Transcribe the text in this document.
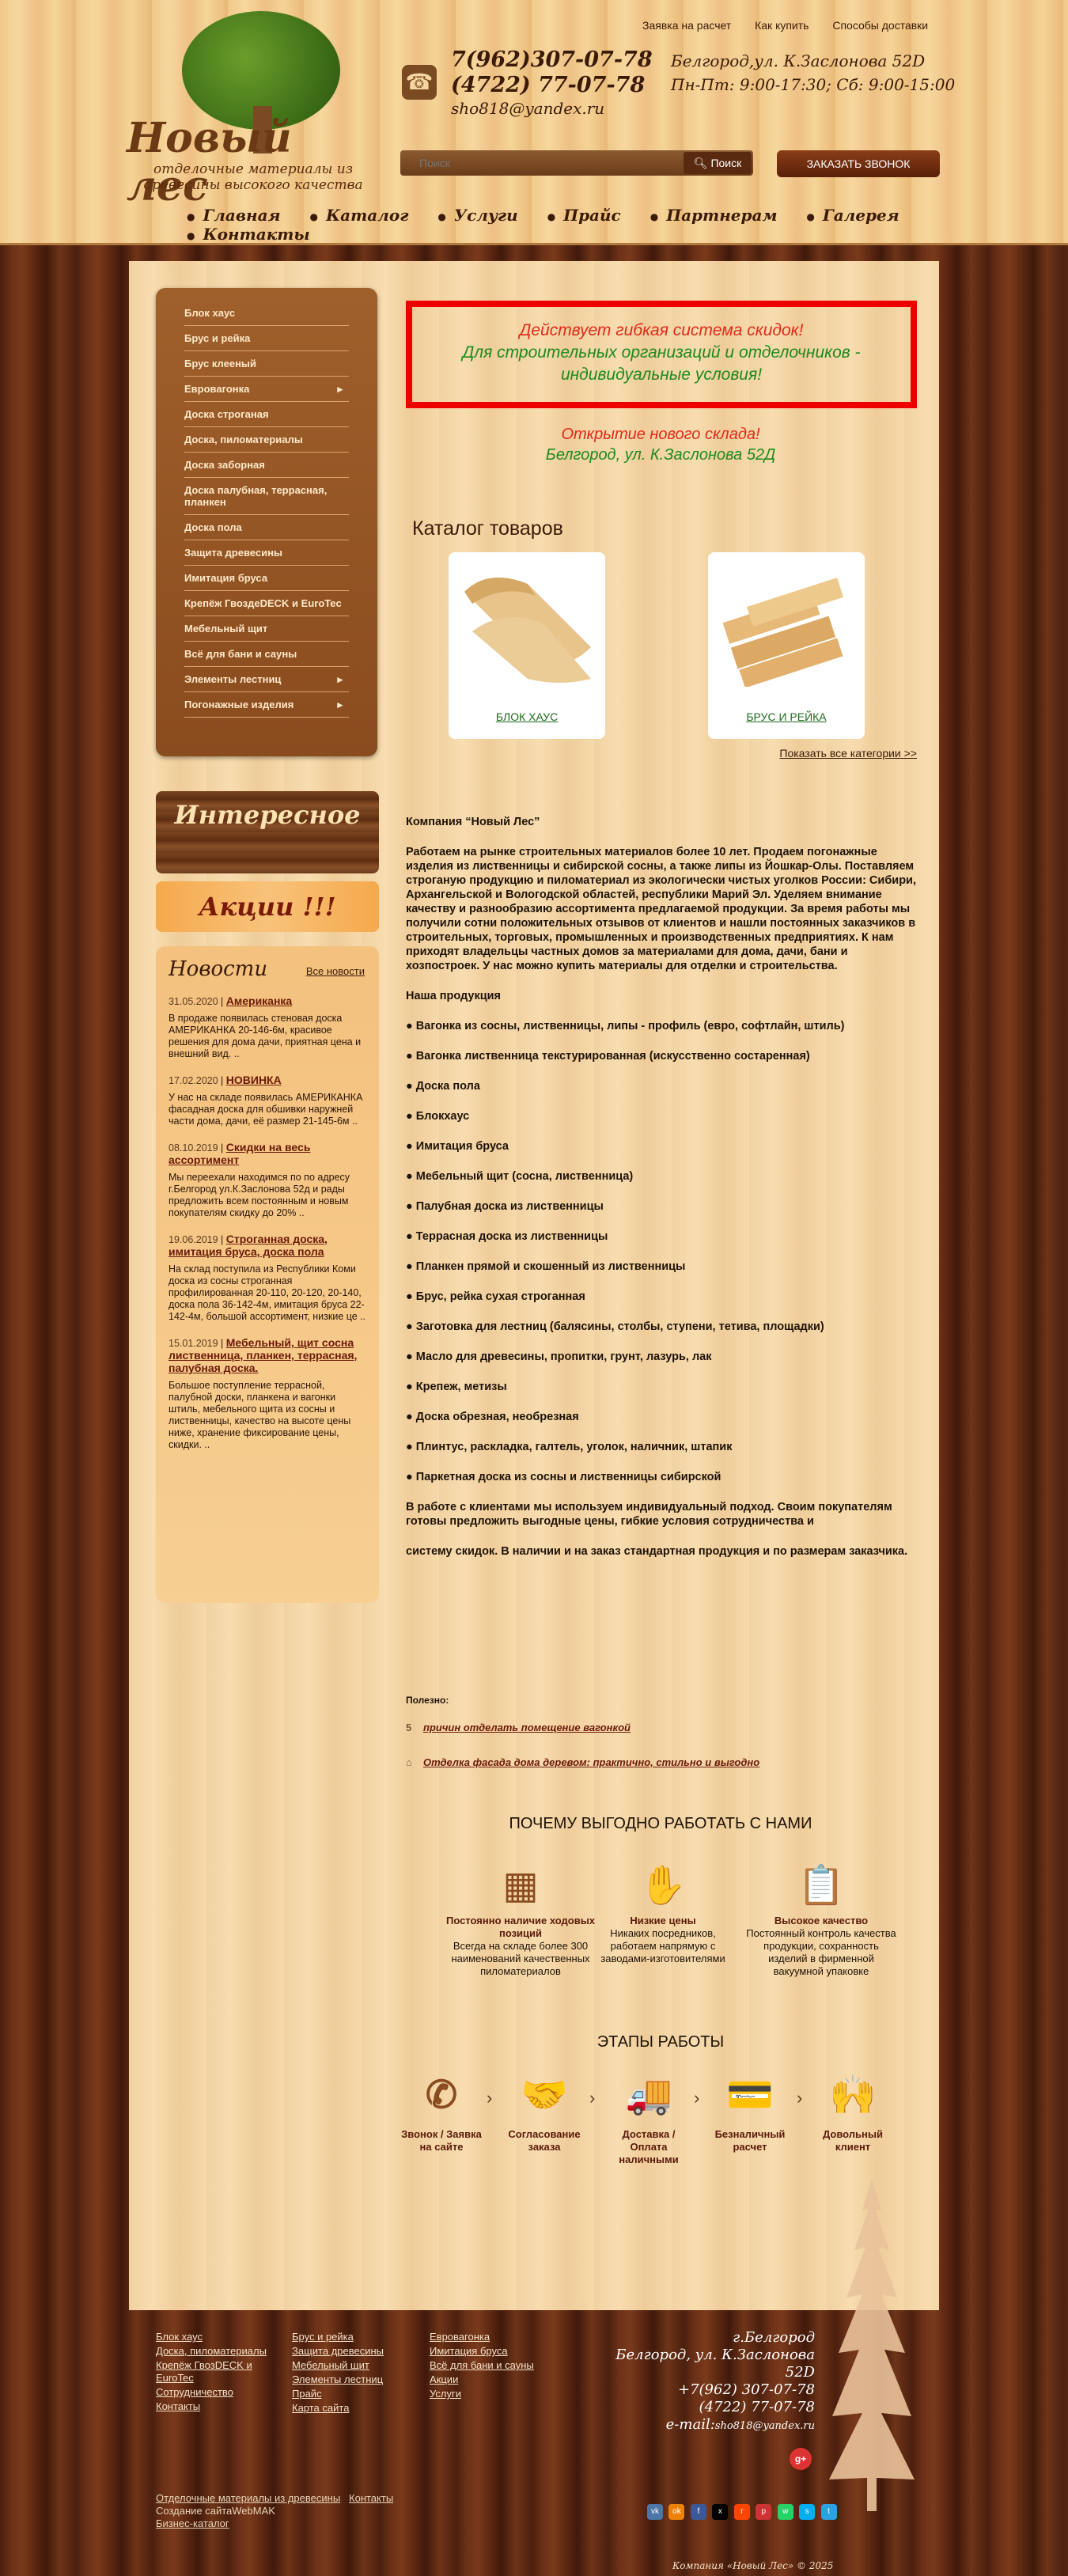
Новый лес
отделочные материалы из древесины высокого качества
Заявка на расчет Как купить Способы доставки
☎
7(962)307-07-78
(4722) 77-07-78
sho818@yandex.ru
Белгород,ул. К.Заслонова 52D
Пн-Пт: 9:00-17:30; Сб: 9:00-15:00
Поиск
🔍︎ Поиск	ЗАКАЗАТЬ ЗВОНОК
● Главная	● Каталог	● Услуги	● Прайс	● Партнерам	● Галерея ● Контакты
Блок хаус
Брус и рейка
Брус клееный
Евровагонка	▸
Доска строганая
Доска, пиломатериалы
Доска заборная
Доска палубная, террасная, планкен
Доска пола
Защита древесины
Имитация бруса
Крепёж ГвоздеDECK и EuroTec
Мебельный щит
Всё для бани и сауны
Элементы лестниц	▸
Погонажные изделия	▸
Интересное
Акции !!!
Новости	Все новости
31.05.2020 | Американка
В продаже появилась стеновая доска АМЕРИКАНКА 20-146-6м, красивое решения для дома дачи, приятная цена и внешний вид. ..
17.02.2020 | НОВИНКА
У нас на складе появилась АМЕРИКАНКА фасадная доска для обшивки наружней части дома, дачи, её размер 21-145-6м ..
08.10.2019 | Скидки на весь ассортимент
Мы переехали находимся по по адресу г.Белгород ул.К.Заслонова 52д и рады предложить всем постоянным и новым покупателям скидку до 20% ..
19.06.2019 | Строганная доска, имитация бруса, доска пола
На склад поступила из Республики Коми доска из сосны строганная профилированная 20-110, 20-120, 20-140, доска пола 36-142-4м, имитация бруса 22-142-4м, большой ассортимент, низкие це ..
15.01.2019 | Мебельный, щит сосна лиственница, планкен, террасная, палубная доска.
Большое поступление террасной, палубной доски, планкена и вагонки штиль, мебельного щита из сосны и лиственницы, качество на высоте цены ниже, хранение фиксирование цены, скидки. ..
Действует гибкая система скидок!
Для строительных организаций и отделочников - индивидуальные условия!
Открытие нового склада!
Белгород, ул. К.Заслонова 52Д
Каталог товаров
БЛОК ХАУС	БРУС И РЕЙКА
Показать все категории >>

Компания “Новый Лес”

Работаем на рынке строительных материалов более 10 лет. Продаем погонажные изделия из лиственницы и сибирской сосны, а также липы из Йошкар-Олы. Поставляем строганую продукцию и пиломатериал из экологически чистых уголков России: Сибири, Архангельской и Вологодской областей, республики Марий Эл. Уделяем внимание качеству и разнообразию ассортимента предлагаемой продукции. За время работы мы получили сотни положительных отзывов от клиентов и нашли постоянных заказчиков в строительных, торговых, промышленных и производственных предприятиях. К нам приходят владельцы частных домов за материалами для дома, дачи, бани и хозпостроек. У нас можно купить материалы для отделки и строительства.

Наша продукция

● Вагонка из сосны, лиственницы, липы - профиль (евро, софтлайн, штиль)

● Вагонка лиственница текстурированная (искусственно состаренная)

● Доска пола

● Блокхаус

● Имитация бруса

● Мебельный щит (сосна, лиственница)

● Палубная доска из лиственницы

● Террасная доска из лиственницы

● Планкен прямой и скошенный из лиственницы

● Брус, рейка сухая строганная

● Заготовка для лестниц (балясины, столбы, ступени, тетива, площадки)

● Масло для древесины, пропитки, грунт, лазурь, лак

● Крепеж, метизы

● Доска обрезная, необрезная

● Плинтус, раскладка, галтель, уголок, наличник, штапик

● Паркетная доска из сосны и лиственницы сибирской

В работе с клиентами мы используем индивидуальный подход. Своим покупателям готовы предложить выгодные цены, гибкие условия сотрудничества и

систему скидок. В наличии и на заказ стандартная продукция и по размерам заказчика.

Полезно:
5 причин отделать помещение вагонкой
⌂ Отделка фасада дома деревом: практично, стильно и выгодно
ПОЧЕМУ ВЫГОДНО РАБОТАТЬ С НАМИ
▦
Постоянно наличие ходовых позиций
Всегда на складе более 300 наименований качественных пиломатериалов
✋
Низкие цены
Никаких посредников, работаем напрямую с заводами-изготовителями
📋
Высокое качество
Постоянный контроль качества продукции, сохранность изделий в фирменной вакуумной упаковке
ЭТАПЫ РАБОТЫ
✆
Звонок / Заявка на сайте
› 🤝
Согласование заказа
› 🚚
Доставка / Оплата наличными
› 💳
Безналичный расчет
› 🙌
Довольный клиент
Блок хаус
Доска, пиломатериалы
Крепёж ГвозDECK и EuroTec
Сотрудничество
Контакты
Брус и рейка
Защита древесины
Мебельный щит
Элементы лестниц
Прайс
Карта сайта
Евровагонка
Имитация бруса
Всё для бани и сауны
Акции
Услуги
г.Белгород
Белгород, ул. К.Заслонова
52D
+7(962) 307-07-78
(4722) 77-07-78
e-mail:sho818@yandex.ru
g+
Отделочные материалы из древесины Контакты
Создание сайтаWebMAK
Бизнес-каталог
vk ok f x r p w s t
Компания «Новый Лес» © 2025
